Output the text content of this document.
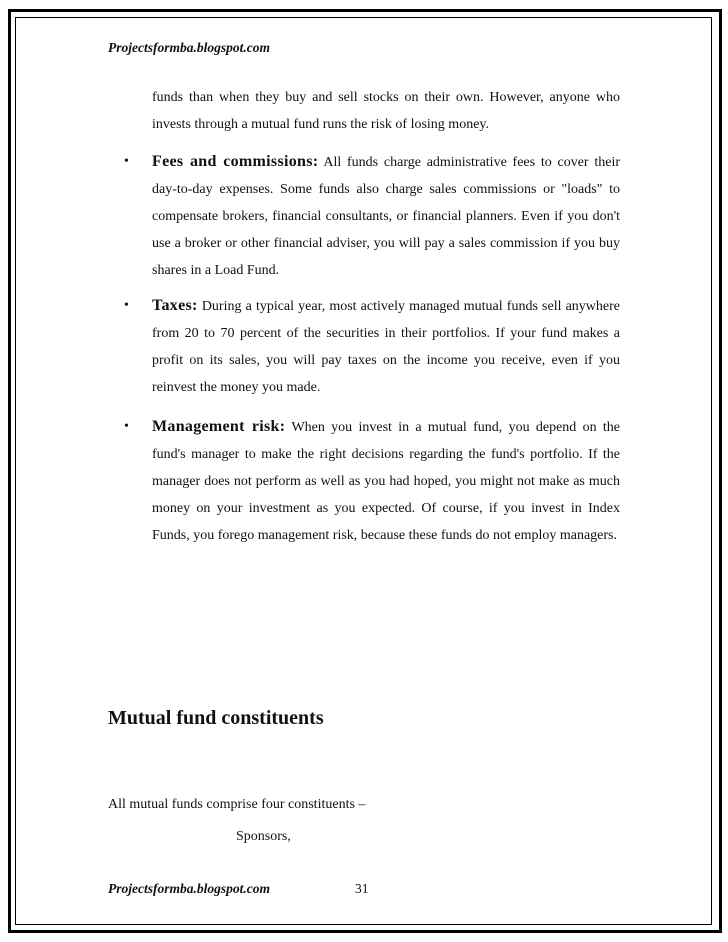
Projectsformba.blogspot.com

funds than when they buy and sell stocks on their own. However, anyone who invests through a mutual fund runs the risk of losing money.

• Fees and commissions: All funds charge administrative fees to cover their day-to-day expenses. Some funds also charge sales commissions or "loads" to compensate brokers, financial consultants, or financial planners. Even if you don't use a broker or other financial adviser, you will pay a sales commission if you buy shares in a Load Fund.

• Taxes: During a typical year, most actively managed mutual funds sell anywhere from 20 to 70 percent of the securities in their portfolios. If your fund makes a profit on its sales, you will pay taxes on the income you receive, even if you reinvest the money you made.

• Management risk: When you invest in a mutual fund, you depend on the fund's manager to make the right decisions regarding the fund's portfolio. If the manager does not perform as well as you had hoped, you might not make as much money on your investment as you expected. Of course, if you invest in Index Funds, you forego management risk, because these funds do not employ managers.

Mutual fund constituents
All mutual funds comprise four constituents –
Sponsors,
Projectsformba.blogspot.com	31
